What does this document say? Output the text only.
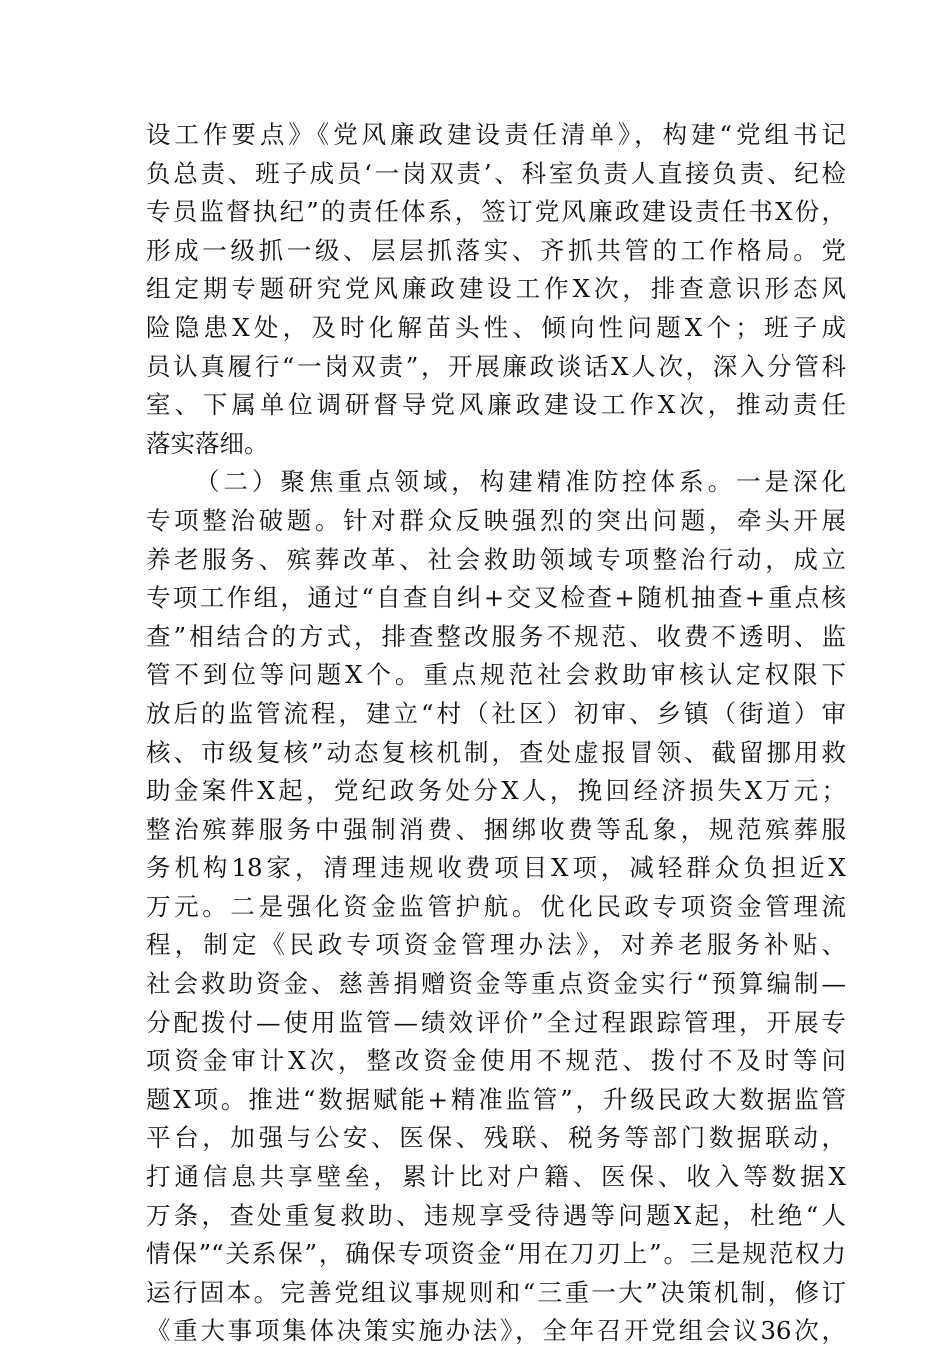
设工作要点》《党风廉政建设责任清单》，构建“党组书记
负总责、班子成员‘一岗双责’、科室负责人直接负责、纪检
专员监督执纪”的责任体系，签订党风廉政建设责任书X份，
形成一级抓一级、层层抓落实、齐抓共管的工作格局。党
组定期专题研究党风廉政建设工作X次，排查意识形态风
险隐患X处，及时化解苗头性、倾向性问题X个；班子成
员认真履行“一岗双责”，开展廉政谈话X人次，深入分管科
室、下属单位调研督导党风廉政建设工作X次，推动责任
落实落细。
（二）聚焦重点领域，构建精准防控体系。一是深化
专项整治破题。针对群众反映强烈的突出问题，牵头开展
养老服务、殡葬改革、社会救助领域专项整治行动，成立
专项工作组，通过“自查自纠+交叉检查+随机抽查+重点核
查”相结合的方式，排查整改服务不规范、收费不透明、监
管不到位等问题X个。重点规范社会救助审核认定权限下
放后的监管流程，建立“村（社区）初审、乡镇（街道）审
核、市级复核”动态复核机制，查处虚报冒领、截留挪用救
助金案件X起，党纪政务处分X人，挽回经济损失X万元；
整治殡葬服务中强制消费、捆绑收费等乱象，规范殡葬服
务机构18家，清理违规收费项目X项，减轻群众负担近X
万元。二是强化资金监管护航。优化民政专项资金管理流
程，制定《民政专项资金管理办法》，对养老服务补贴、
社会救助资金、慈善捐赠资金等重点资金实行“预算编制—
分配拨付—使用监管—绩效评价”全过程跟踪管理，开展专
项资金审计X次，整改资金使用不规范、拨付不及时等问
题X项。推进“数据赋能+精准监管”，升级民政大数据监管
平台，加强与公安、医保、残联、税务等部门数据联动，
打通信息共享壁垒，累计比对户籍、医保、收入等数据X
万条，查处重复救助、违规享受待遇等问题X起，杜绝“人
情保”“关系保”，确保专项资金“用在刀刃上”。三是规范权力
运行固本。完善党组议事规则和“三重一大”决策机制，修订
《重大事项集体决策实施办法》，全年召开党组会议36次，
